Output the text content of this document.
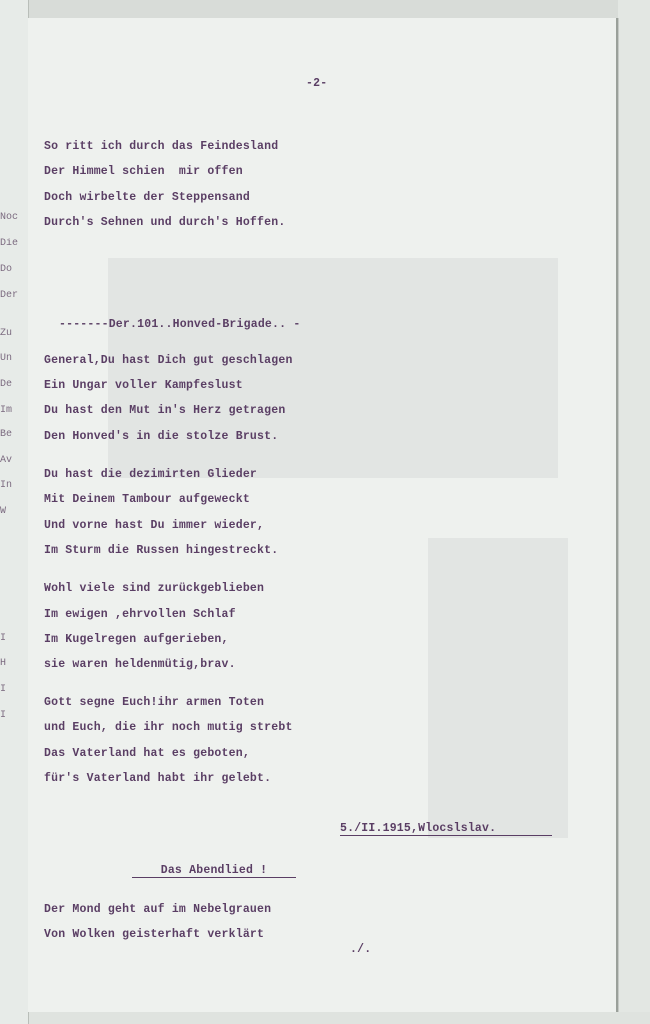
Noc
Die
Do
Der
Zu
Un
De
Im
Be
Av
In
W
I
H
I
I

-2-

So ritt ich durch das Feindesland

Der Himmel schien  mir offen

Doch wirbelte der Steppensand

Durch's Sehnen und durch's Hoffen.

-------Der.101..Honved-Brigade.. -

General,Du hast Dich gut geschlagen

Ein Ungar voller Kampfeslust

Du hast den Mut in's Herz getragen

Den Honved's in die stolze Brust.

Du hast die dezimirten Glieder

Mit Deinem Tambour aufgeweckt

Und vorne hast Du immer wieder,

Im Sturm die Russen hingestreckt.

Wohl viele sind zurückgeblieben

Im ewigen ,ehrvollen Schlaf

Im Kugelregen aufgerieben,

sie waren heldenmütig,brav.

Gott segne Euch!ihr armen Toten

und Euch, die ihr noch mutig strebt

Das Vaterland hat es geboten,

für's Vaterland habt ihr gelebt.

5./II.1915,Wlocslslav.

Das Abendlied !

Der Mond geht auf im Nebelgrauen

Von Wolken geisterhaft verklärt

./.
